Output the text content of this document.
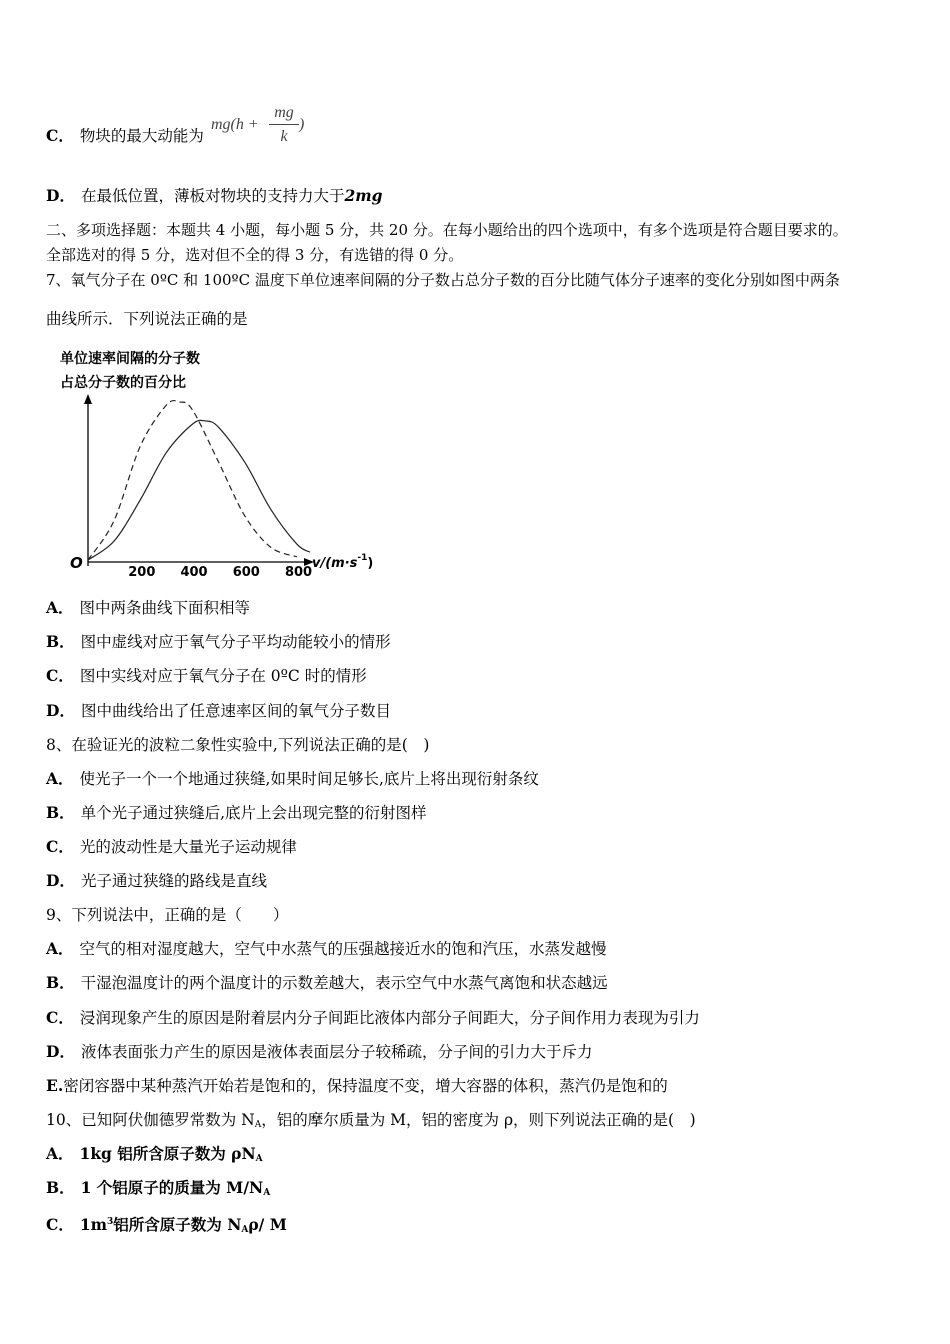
C． 物块的最大动能为
mg(h +
mg
k
)
D． 在最低位置，薄板对物块的支持力大于2mg
二、多项选择题：本题共 4 小题，每小题 5 分，共 20 分。在每小题给出的四个选项中，有多个选项是符合题目要求的。
全部选对的得 5 分，选对但不全的得 3 分，有选错的得 0 分。
7、氧气分子在 0ºC 和 100ºC 温度下单位速率间隔的分子数占总分子数的百分比随气体分子速率的变化分别如图中两条
曲线所示．下列说法正确的是
单位速率间隔的分子数
占总分子数的百分比
O
200 400 600 800
$v/(m\cdot s^{-1})$
A． 图中两条曲线下面积相等
B． 图中虚线对应于氧气分子平均动能较小的情形
C． 图中实线对应于氧气分子在 0ºC 时的情形
D． 图中曲线给出了任意速率区间的氧气分子数目
8、在验证光的波粒二象性实验中,下列说法正确的是(　)
A． 使光子一个一个地通过狭缝,如果时间足够长,底片上将出现衍射条纹
B． 单个光子通过狭缝后,底片上会出现完整的衍射图样
C． 光的波动性是大量光子运动规律
D． 光子通过狭缝的路线是直线
9、下列说法中，正确的是（　　）
A． 空气的相对湿度越大，空气中水蒸气的压强越接近水的饱和汽压，水蒸发越慢
B． 干湿泡温度计的两个温度计的示数差越大，表示空气中水蒸气离饱和状态越远
C． 浸润现象产生的原因是附着层内分子间距比液体内部分子间距大，分子间作用力表现为引力
D． 液体表面张力产生的原因是液体表面层分子较稀疏，分子间的引力大于斥力
E.密闭容器中某种蒸汽开始若是饱和的，保持温度不变，增大容器的体积，蒸汽仍是饱和的
10、已知阿伏伽德罗常数为 $N_A$，铝的摩尔质量为 M，铝的密度为 ρ，则下列说法正确的是(　)
A． 1kg 铝所含原子数为 $\rho N_A$
B． 1 个铝原子的质量为 $M/N_A$
C． $1m^3$铝所含原子数为 $N_A\rho/$ M
